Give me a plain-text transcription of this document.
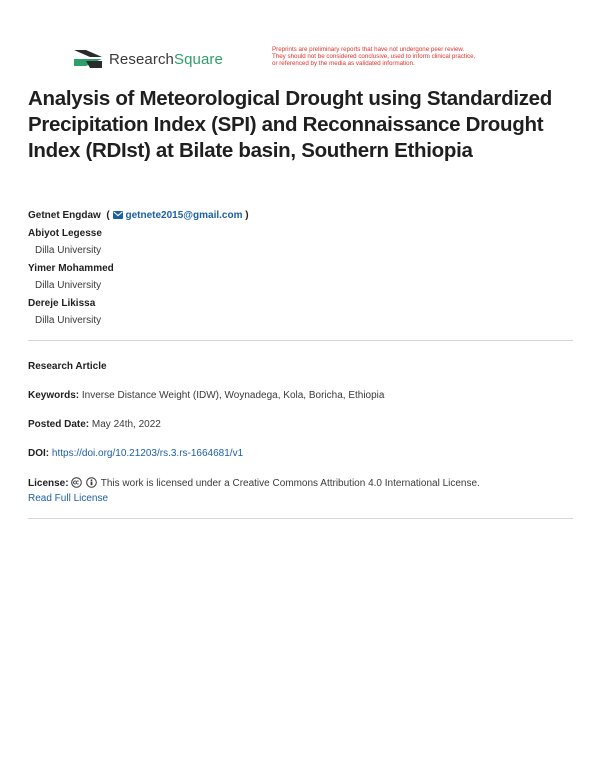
ResearchSquare
Preprints are preliminary reports that have not undergone peer review.
They should not be considered conclusive, used to inform clinical practice,
or referenced by the media as validated information.
Analysis of Meteorological Drought using Standardized Precipitation Index (SPI) and Reconnaissance Drought Index (RDIst) at Bilate basin, Southern Ethiopia
Getnet Engdaw  ( getnete2015@gmail.com )
Abiyot Legesse
Dilla University
Yimer Mohammed
Dilla University
Dereje Likissa
Dilla University
Research Article
Keywords: Inverse Distance Weight (IDW), Woynadega, Kola, Boricha, Ethiopia
Posted Date: May 24th, 2022
DOI: https://doi.org/10.21203/rs.3.rs-1664681/v1
License:	This work is licensed under a Creative Commons Attribution 4.0 International License.
Read Full License
